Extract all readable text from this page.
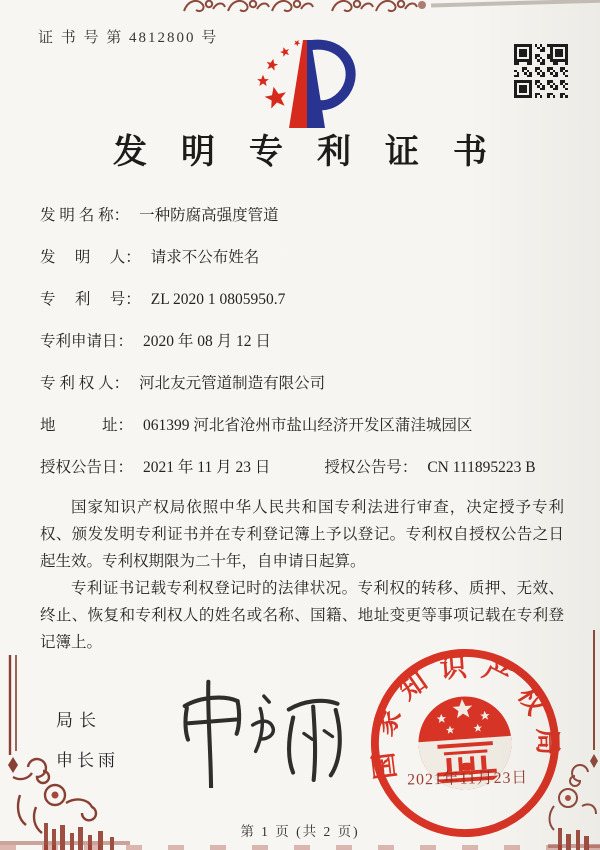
证 书 号 第 4812800 号
发明专利证书
发 明 名 称： 一种防腐高强度管道
发　 明 　人： 请求不公布姓名
专　 利 　号： ZL 2020 1 0805950.7
专利申请日： 2020 年 08 月 12 日
专 利 权 人： 河北友元管道制造有限公司
地　　　址： 061399 河北省沧州市盐山经济开发区蒲洼城园区
授权公告日： 2021 年 11 月 23 日	授权公告号： CN 111895223 B

国家知识产权局依照中华人民共和国专利法进行审查，决定授予专利权、颁发发明专利证书并在专利登记簿上予以登记。专利权自授权公告之日起生效。专利权期限为二十年，自申请日起算。

专利证书记载专利权登记时的法律状况。专利权的转移、质押、无效、终止、恢复和专利权人的姓名或名称、国籍、地址变更等事项记载在专利登记簿上。

局长
申长雨	国家知识产权局
2021年11月23日
第 1 页 (共 2 页)
